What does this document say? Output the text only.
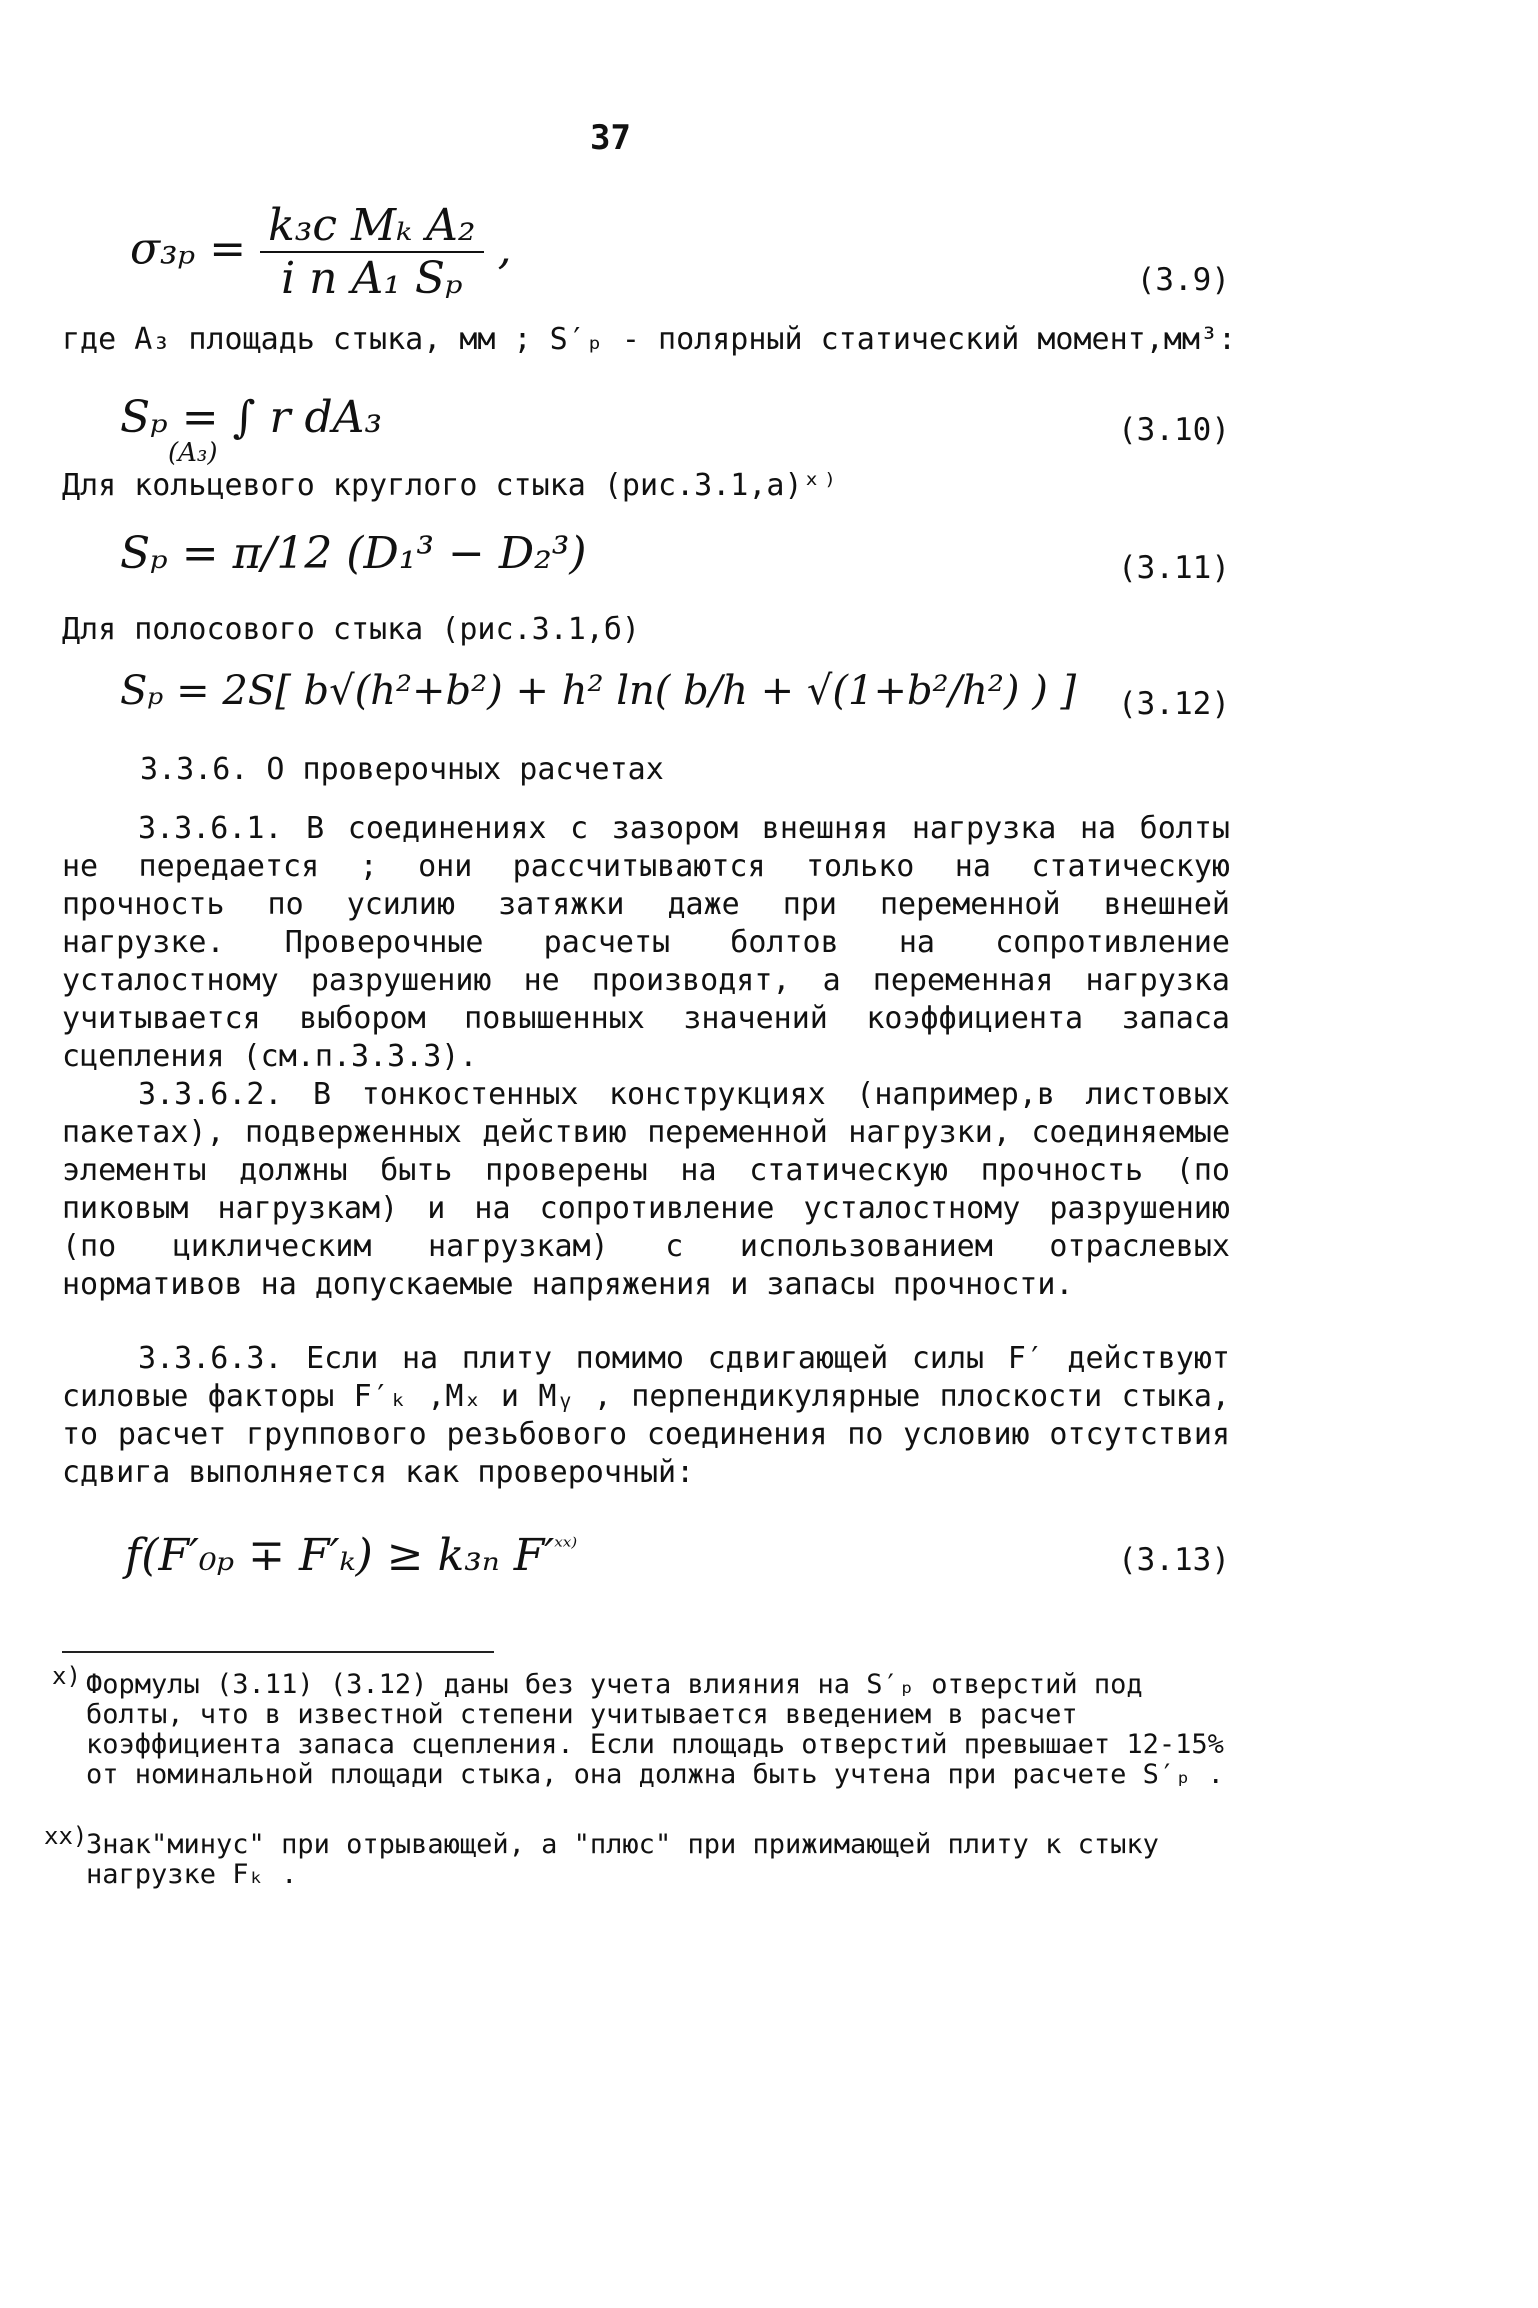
37
$\sigma_{3p} = \frac{\text{k₃c Mₖ A₂}}{\text{i n A₁ Sₚ}}$ ,
(3.9)
где A₃ площадь стыка, мм ; S′ₚ - полярный статический момент,мм³:
Sₚ = ∫ r dA₃
(A₃)
(3.10)
Для кольцевого круглого стыка (рис.3.1,а)ˣ⁾
Sₚ = π/12 (D₁³ − D₂³)	(3.11)
Для полосового стыка (рис.3.1,б)
Sₚ = 2S[ b√(h²+b²) + h² ln( b/h + √(1+b²/h²) ) ] (3.12)
3.3.6. О проверочных расчетах
3.3.6.1. В соединениях с зазором внешняя нагрузка на болты не передается ; они рассчитываются только на статическую прочность по усилию затяжки даже при переменной внешней нагрузке. Проверочные расчеты болтов на сопротивление усталостному разрушению не производят, а переменная нагрузка учитывается выбором повышенных значений коэффициента запаса сцепления (см.п.3.3.3).
3.3.6.2. В тонкостенных конструкциях (например,в листовых пакетах), подверженных действию переменной нагрузки, соединяемые элементы должны быть проверены на статическую прочность (по пиковым нагрузкам) и на сопротивление усталостному разрушению (по циклическим нагрузкам) с использованием отраслевых нормативов на допускаемые напряжения и запасы прочности.
3.3.6.3. Если на плиту помимо сдвигающей силы F′ действуют силовые факторы F′ₖ ,Mₓ и Mᵧ , перпендикулярные плоскости стыка, то расчет группового резьбового соединения по условию отсутствия сдвига выполняется как проверочный:
f(F′₀ₚ ∓ F′ₖ) ≥ k₃ₙ $F'^{ˣˣ^)}$	(3.13)
x) Формулы (3.11) (3.12) даны без учета влияния на S′ₚ отверстий под болты, что в известной степени учитывается введением в расчет коэффициента запаса сцепления. Если площадь отверстий превышает 12-15% от номинальной площади стыка, она должна быть учтена при расчете S′ₚ .
xx)
Знак"минус" при отрывающей, а "плюс" при прижимающей плиту к стыку нагрузке Fₖ .
